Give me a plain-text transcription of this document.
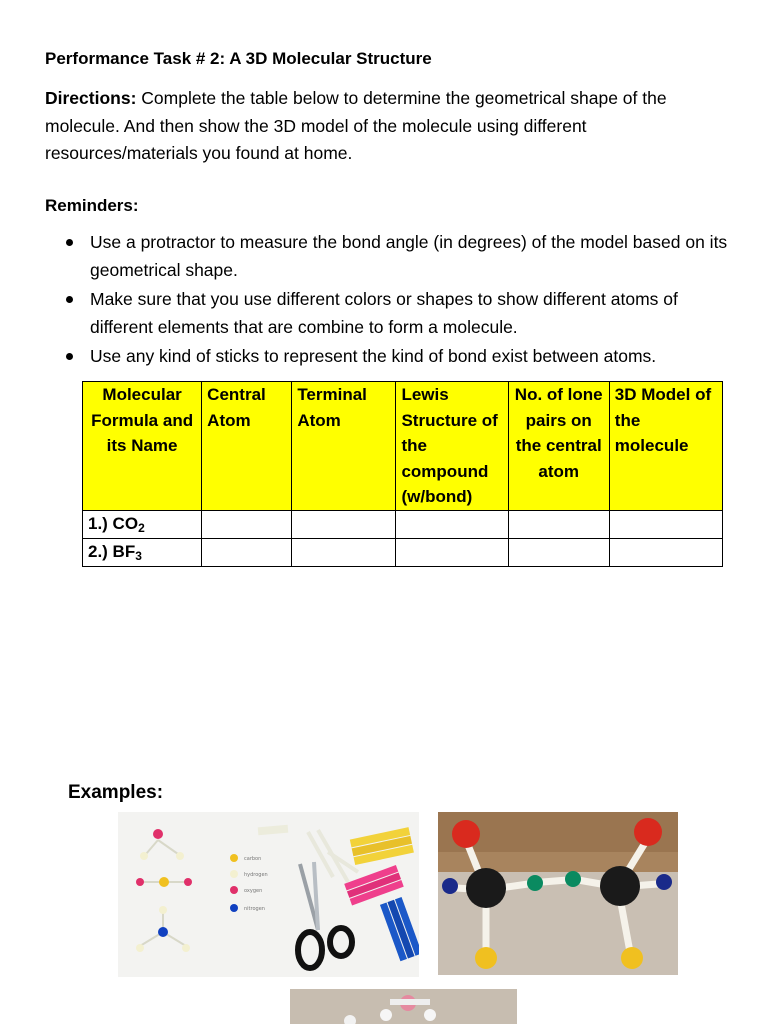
Performance Task # 2: A 3D Molecular Structure
Directions: Complete the table below to determine the geometrical shape of the molecule. And then show the 3D model of the molecule using different resources/materials you found at home.
Reminders:
Use a protractor to measure the bond angle (in degrees) of the model based on its geometrical shape.
Make sure that you use different colors or shapes to show different atoms of different elements that are combine to form a molecule.
Use any kind of sticks to represent the kind of bond exist between atoms.
Molecular Formula and its Name	Central Atom	Terminal Atom	Lewis Structure of the compound (w/bond)	No. of lone pairs on the central atom	3D Model of the molecule
1.) $CO_2$					
2.) $BF_3$					
Examples:
carbon
hydrogen
oxygen
nitrogen
